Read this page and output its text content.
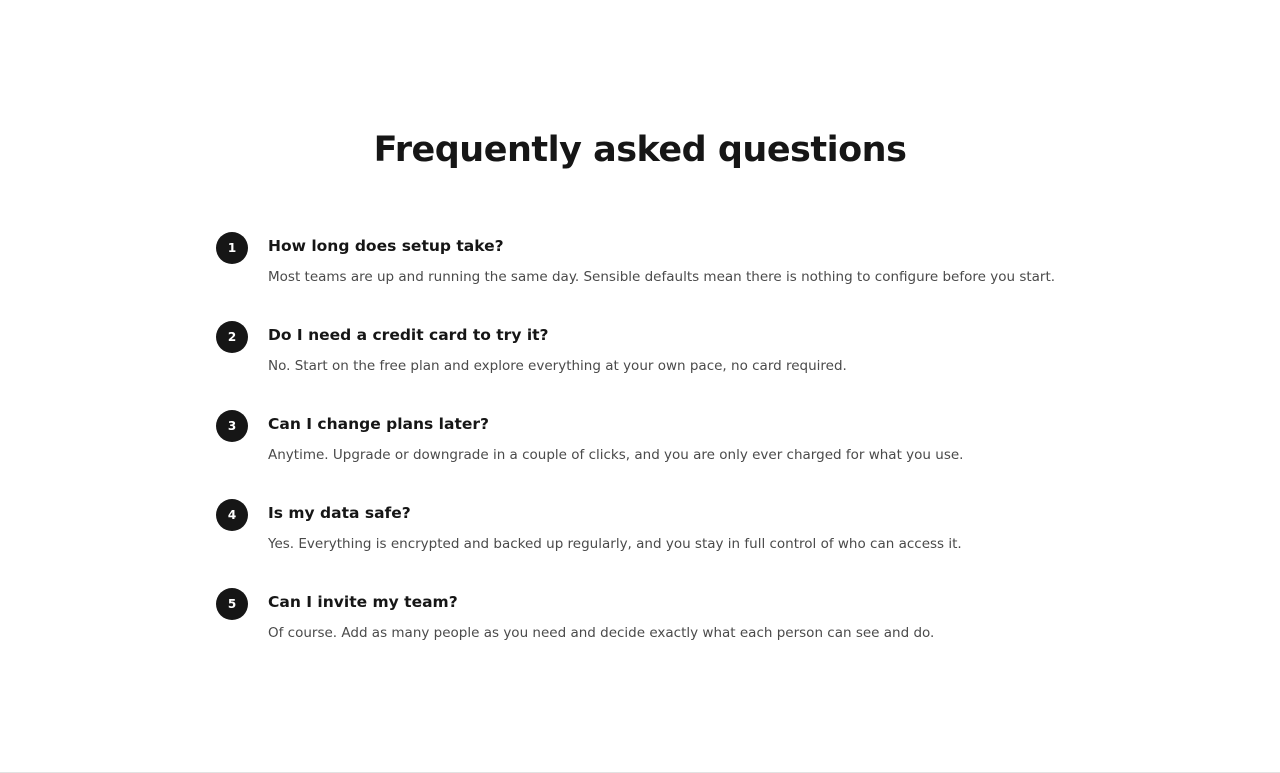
Frequently asked questions
1	How long does setup take?

Most teams are up and running the same day. Sensible defaults mean there is nothing to configure before you start.

2	Do I need a credit card to try it?

No. Start on the free plan and explore everything at your own pace, no card required.

3	Can I change plans later?

Anytime. Upgrade or downgrade in a couple of clicks, and you are only ever charged for what you use.

4	Is my data safe?

Yes. Everything is encrypted and backed up regularly, and you stay in full control of who can access it.

5	Can I invite my team?

Of course. Add as many people as you need and decide exactly what each person can see and do.
